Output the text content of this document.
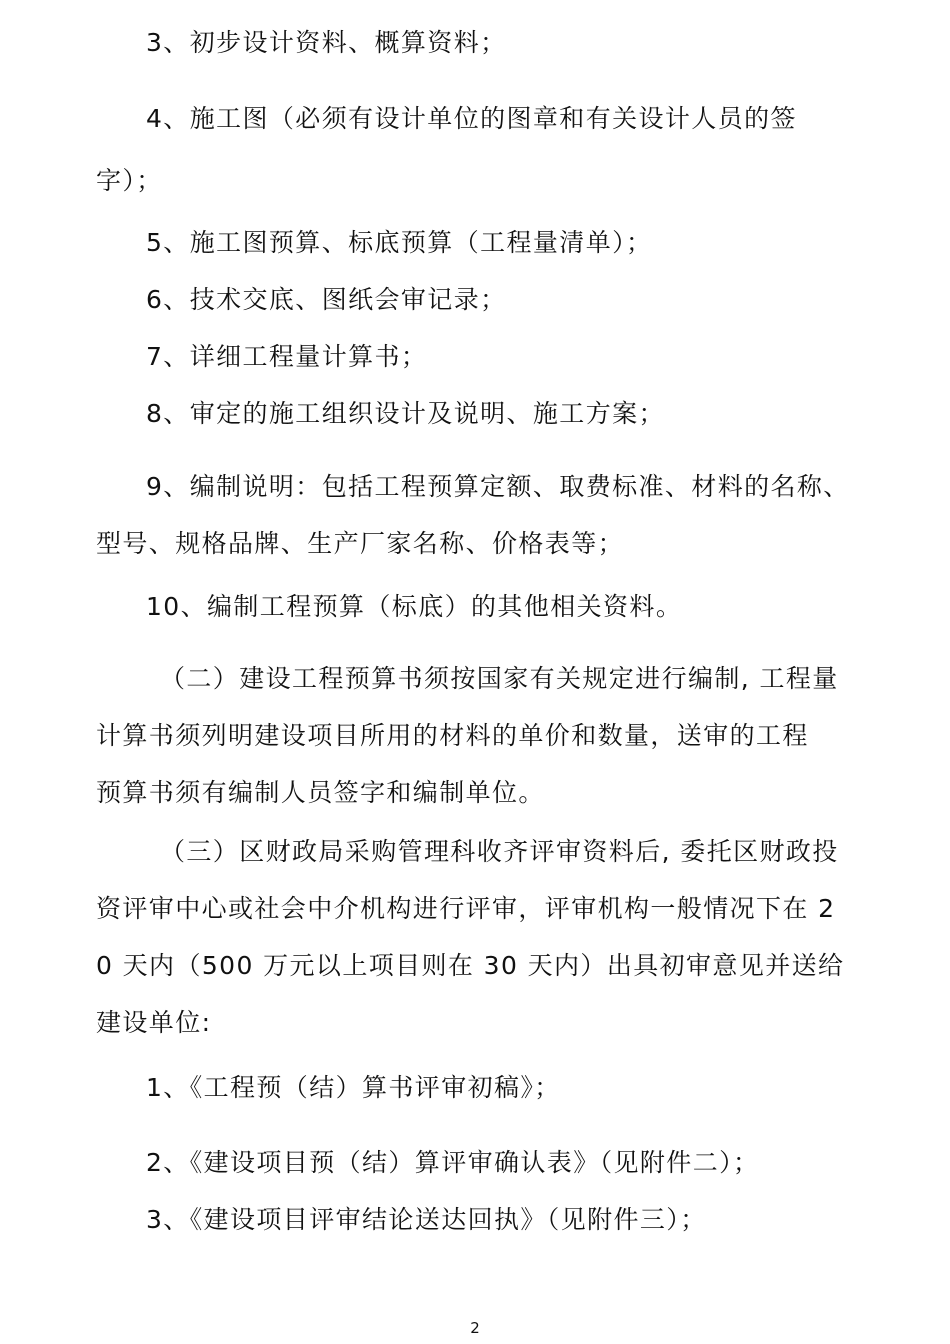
3、初步设计资料、概算资料；
4、施工图（必须有设计单位的图章和有关设计人员的签
字）；
5、施工图预算、标底预算（工程量清单）；
6、技术交底、图纸会审记录；
7、详细工程量计算书；
8、审定的施工组织设计及说明、施工方案；
9、编制说明：包括工程预算定额、取费标准、材料的名称、
型号、规格品牌、生产厂家名称、价格表等；
10、编制工程预算（标底）的其他相关资料。
（二）建设工程预算书须按国家有关规定进行编制, 工程量
计算书须列明建设项目所用的材料的单价和数量，送审的工程
预算书须有编制人员签字和编制单位。
（三）区财政局采购管理科收齐评审资料后, 委托区财政投
资评审中心或社会中介机构进行评审，评审机构一般情况下在 2
0 天内（500 万元以上项目则在 30 天内）出具初审意见并送给
建设单位:
1、《工程预（结）算书评审初稿》；
2、《建设项目预（结）算评审确认表》（见附件二）；
3、《建设项目评审结论送达回执》（见附件三）；
2
